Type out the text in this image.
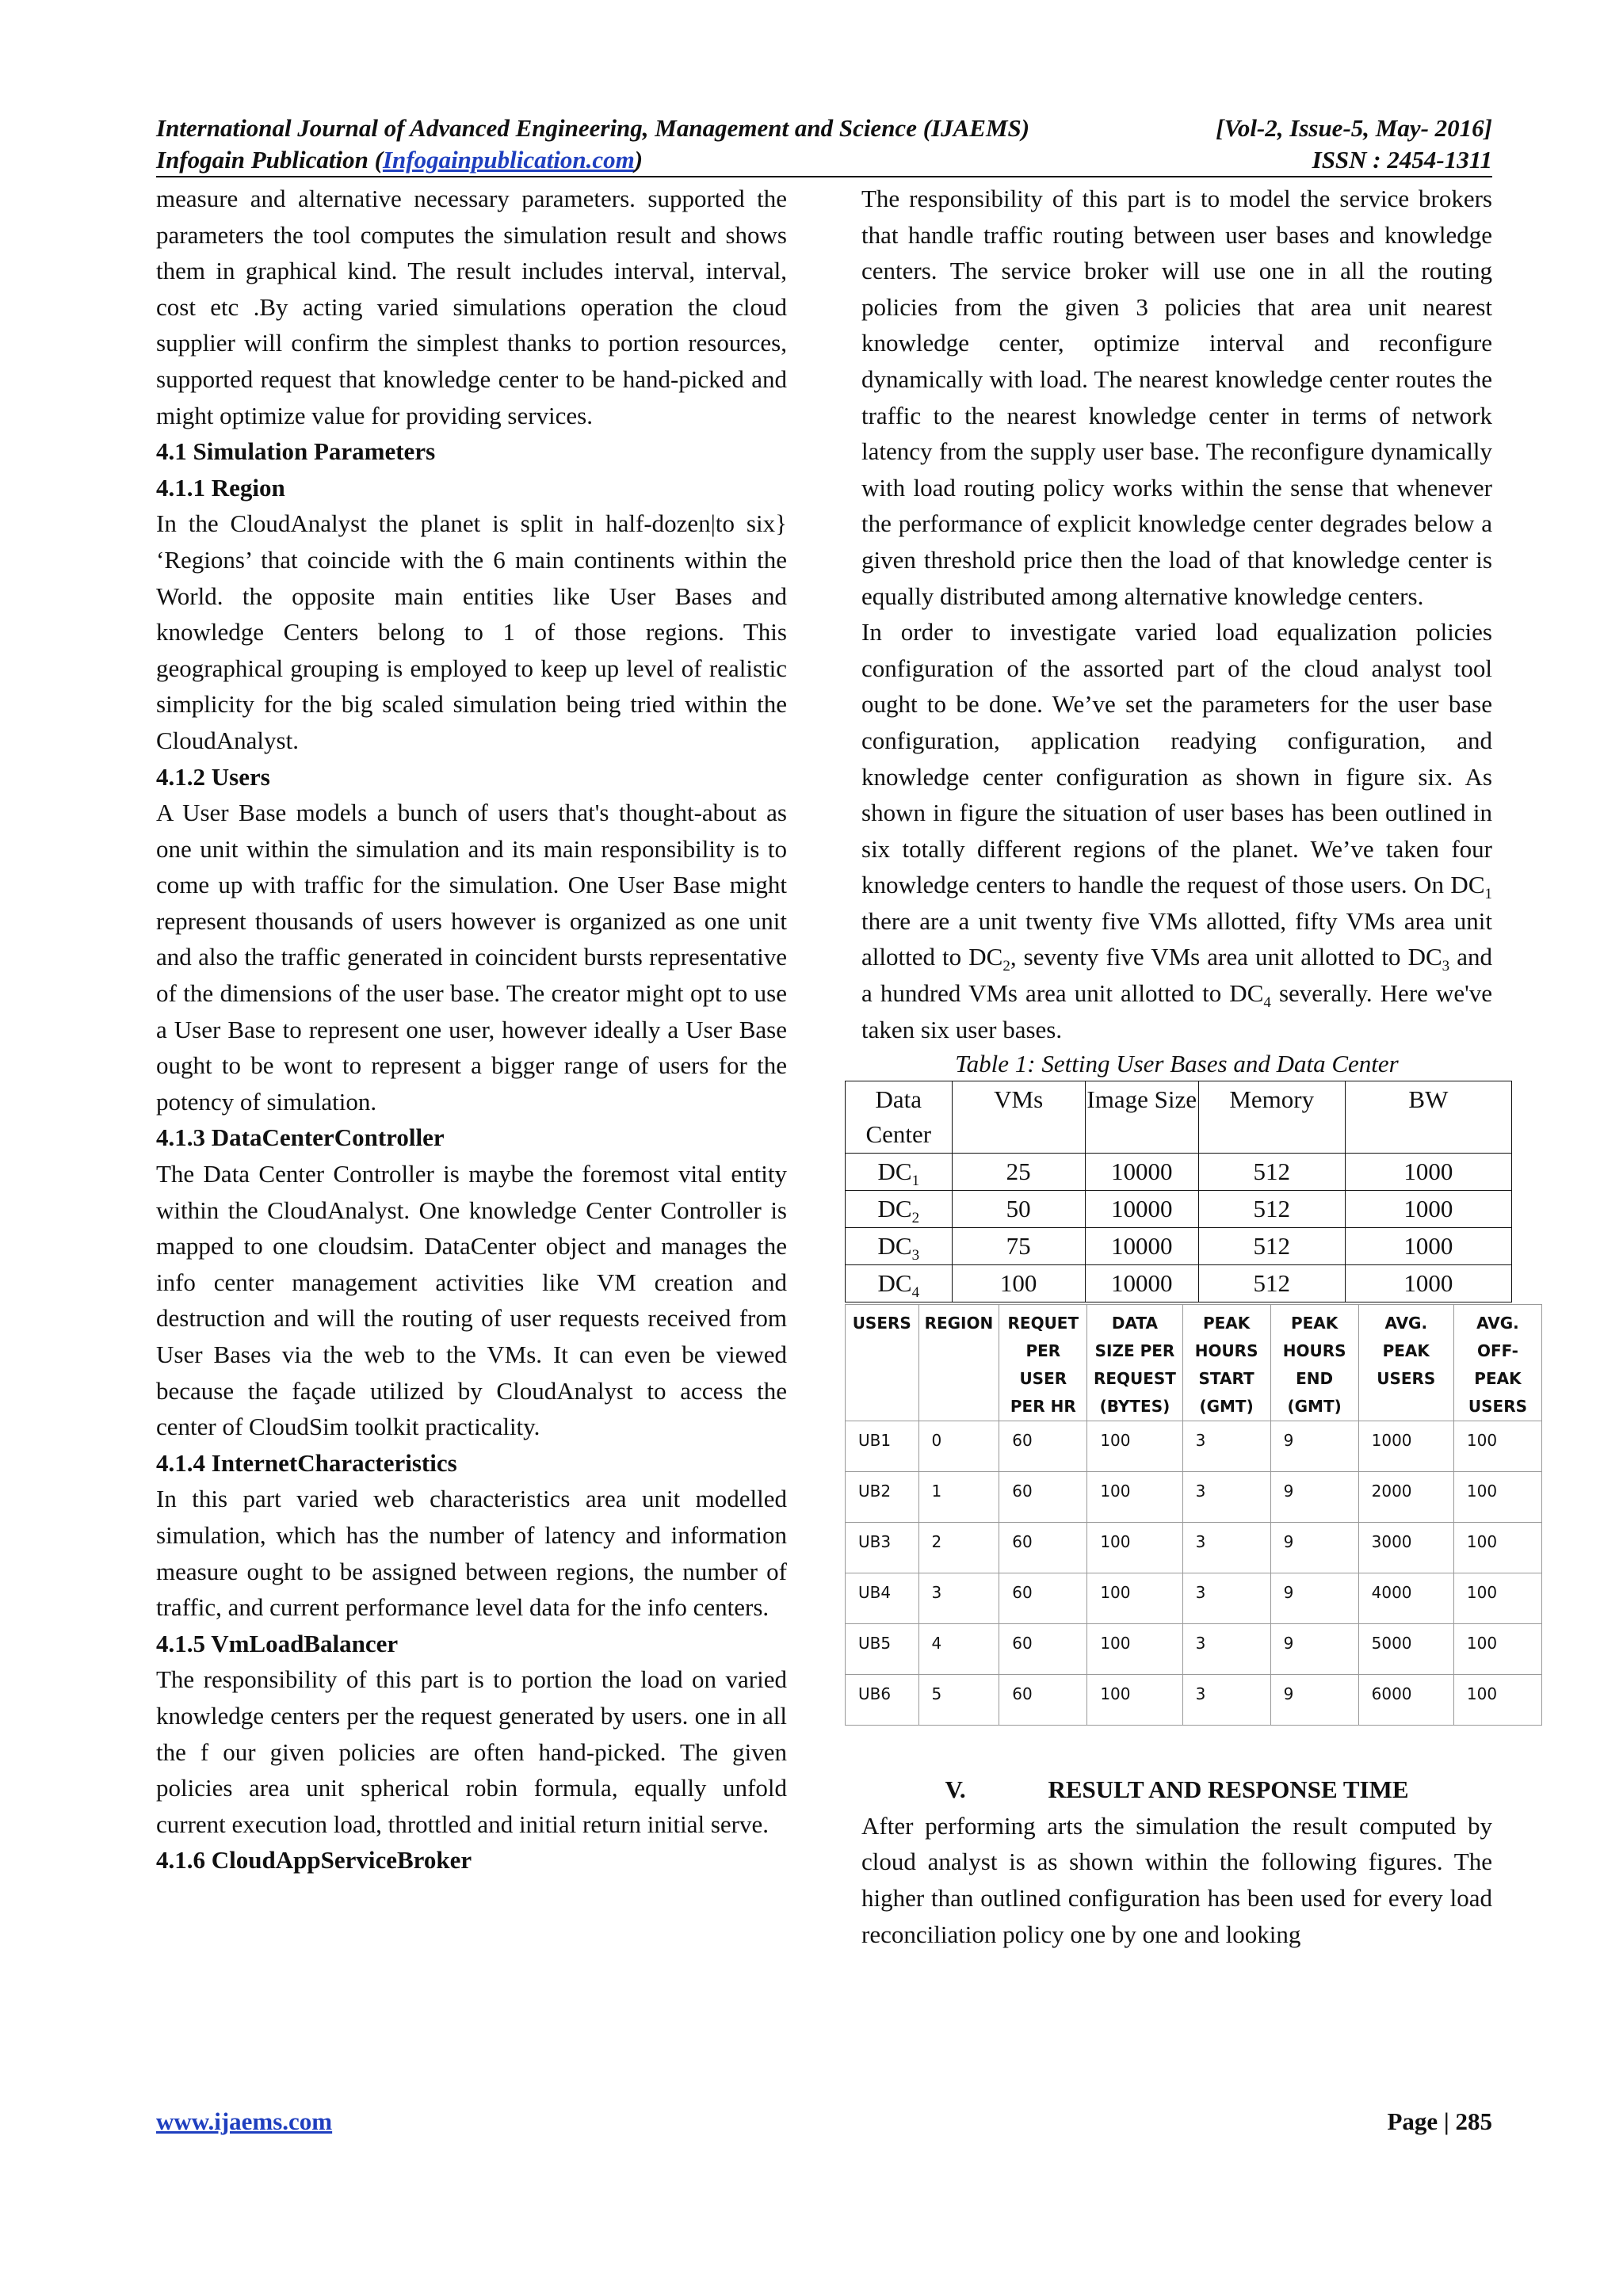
International Journal of Advanced Engineering, Management and Science (IJAEMS)	[Vol-2, Issue-5, May- 2016]
Infogain Publication (Infogainpublication.com)	ISSN : 2454-1311

measure and alternative necessary parameters. supported the parameters the tool computes the simulation result and shows them in graphical kind. The result includes interval, interval, cost etc .By acting varied simulations operation the cloud supplier will confirm the simplest thanks to portion resources, supported request that knowledge center to be hand-picked and might optimize value for providing services.

4.1 Simulation Parameters
4.1.1 Region

In the CloudAnalyst the planet is split in half-dozen|to six} ‘Regions’ that coincide with the 6 main continents within the World. the opposite main entities like User Bases and knowledge Centers belong to 1 of those regions. This geographical grouping is employed to keep up level of realistic simplicity for the big scaled simulation being tried within the CloudAnalyst.

4.1.2 Users

A User Base models a bunch of users that's thought-about as one unit within the simulation and its main responsibility is to come up with traffic for the simulation. One User Base might represent thousands of users however is organized as one unit and also the traffic generated in coincident bursts representative of the dimensions of the user base. The creator might opt to use a User Base to represent one user, however ideally a User Base ought to be wont to represent a bigger range of users for the potency of simulation.

4.1.3 DataCenterController

The Data Center Controller is maybe the foremost vital entity within the CloudAnalyst. One knowledge Center Controller is mapped to one cloudsim. DataCenter object and manages the info center management activities like VM creation and destruction and will the routing of user requests received from User Bases via the web to the VMs. It can even be viewed because the façade utilized by CloudAnalyst to access the center of CloudSim toolkit practicality.

4.1.4 InternetCharacteristics

In this part varied web characteristics area unit modelled simulation, which has the number of latency and information measure ought to be assigned between regions, the number of traffic, and current performance level data for the info centers.

4.1.5 VmLoadBalancer

The responsibility of this part is to portion the load on varied knowledge centers per the request generated by users. one in all the f our given policies are often hand-picked. The given policies area unit spherical robin formula, equally unfold current execution load, throttled and initial return initial serve.

4.1.6 CloudAppServiceBroker

The responsibility of this part is to model the service brokers that handle traffic routing between user bases and knowledge centers. The service broker will use one in all the routing policies from the given 3 policies that area unit nearest knowledge center, optimize interval and reconfigure dynamically with load. The nearest knowledge center routes the traffic to the nearest knowledge center in terms of network latency from the supply user base. The reconfigure dynamically with load routing policy works within the sense that whenever the performance of explicit knowledge center degrades below a given threshold price then the load of that knowledge center is equally distributed among alternative knowledge centers.

In order to investigate varied load equalization policies configuration of the assorted part of the cloud analyst tool ought to be done. We’ve set the parameters for the user base configuration, application readying configuration, and knowledge center configuration as shown in figure six. As shown in figure the situation of user bases has been outlined in six totally different regions of the planet. We’ve taken four knowledge centers to handle the request of those users. On $DC_1$ there are a unit twenty five VMs allotted, fifty VMs area unit allotted to $DC_2$, seventy five VMs area unit allotted to $DC_3$ and a hundred VMs area unit allotted to $DC_4$ severally. Here we've taken six user bases.

Table 1: Setting User Bases and Data Center
Data Center	VMs	Image Size	Memory	BW
$DC_1$	25	10000	512	1000
$DC_2$	50	10000	512	1000
$DC_3$	75	10000	512	1000
$DC_4$	100	10000	512	1000
USERS	REGION	REQUET PER USER PER HR	DATA SIZE PER REQUEST (BYTES)	PEAK HOURS START (GMT)	PEAK HOURS END (GMT)	AVG. PEAK USERS	AVG. OFF-PEAK USERS
UB1	0	60	100	3	9	1000	100
UB2	1	60	100	3	9	2000	100
UB3	2	60	100	3	9	3000	100
UB4	3	60	100	3	9	4000	100
UB5	4	60	100	3	9	5000	100
UB6	5	60	100	3	9	6000	100
V.	RESULT AND RESPONSE TIME

After performing arts the simulation the result computed by cloud analyst is as shown within the following figures. The higher than outlined configuration has been used for every load reconciliation policy one by one and looking

www.ijaems.com	Page | 285
